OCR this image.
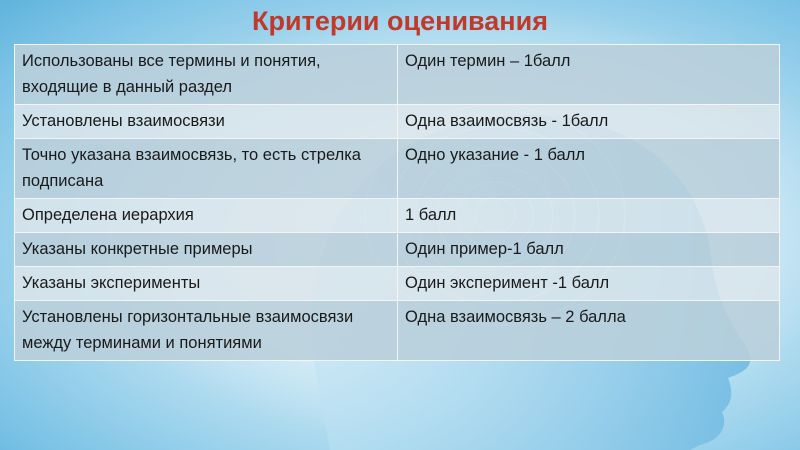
Критерии оценивания
Использованы все термины и понятия, входящие в данный раздел	Один термин – 1балл
Установлены взаимосвязи	Одна взаимосвязь - 1балл
Точно указана взаимосвязь, то есть стрелка подписана	Одно указание - 1 балл
Определена иерархия	1 балл
Указаны конкретные примеры	Один пример-1 балл
Указаны эксперименты	Один эксперимент -1 балл
Установлены горизонтальные взаимосвязи между терминами и понятиями	Одна взаимосвязь – 2 балла
